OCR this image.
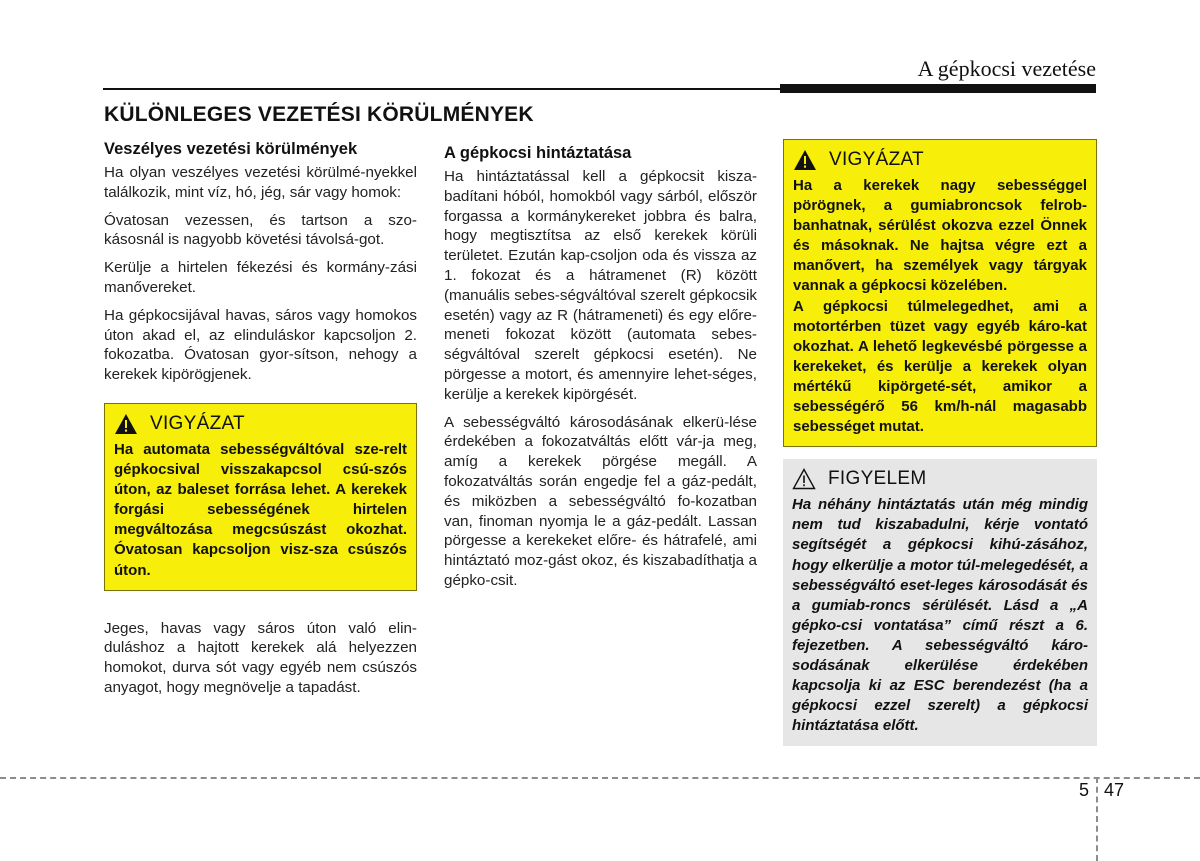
A gépkocsi vezetése
KÜLÖNLEGES VEZETÉSI KÖRÜLMÉNYEK
Veszélyes vezetési körülmények

Ha olyan veszélyes vezetési körülmé-nyekkel találkozik, mint víz, hó, jég, sár vagy homok:

Óvatosan vezessen, és tartson a szo-kásosnál is nagyobb követési távolsá-got.

Kerülje a hirtelen fékezési és kormány-zási manővereket.

Ha gépkocsijával havas, sáros vagy homokos úton akad el, az elinduláskor kapcsoljon 2. fokozatba. Óvatosan gyor-sítson, nehogy a kerekek kipörögjenek.

VIGYÁZAT

Ha automata sebességváltóval sze-relt gépkocsival visszakapcsol csú-szós úton, az baleset forrása lehet. A kerekek forgási sebességének hirtelen megváltozása megcsúszást okozhat. Óvatosan kapcsoljon visz-sza csúszós úton.

Jeges, havas vagy sáros úton való elin-duláshoz a hajtott kerekek alá helyezzen homokot, durva sót vagy egyéb nem csúszós anyagot, hogy megnövelje a tapadást.

A gépkocsi hintáztatása

Ha hintáztatással kell a gépkocsit kisza-badítani hóból, homokból vagy sárból, először forgassa a kormánykereket jobbra és balra, hogy megtisztítsa az első kerekek körüli területet. Ezután kap-csoljon oda és vissza az 1. fokozat és a hátramenet (R) között (manuális sebes-ségváltóval szerelt gépkocsik esetén) vagy az R (hátrameneti) és egy előre-meneti fokozat között (automata sebes-ségváltóval szerelt gépkocsi esetén). Ne pörgesse a motort, és amennyire lehet-séges, kerülje a kerekek kipörgését.

A sebességváltó károsodásának elkerü-lése érdekében a fokozatváltás előtt vár-ja meg, amíg a kerekek pörgése megáll. A fokozatváltás során engedje fel a gáz-pedált, és miközben a sebességváltó fo-kozatban van, finoman nyomja le a gáz-pedált. Lassan pörgesse a kerekeket előre- és hátrafelé, ami hintáztató moz-gást okoz, és kiszabadíthatja a gépko-csit.

VIGYÁZAT

Ha a kerekek nagy sebességgel pörögnek, a gumiabroncsok felrob-banhatnak, sérülést okozva ezzel Önnek és másoknak. Ne hajtsa végre ezt a manővert, ha személyek vagy tárgyak vannak a gépkocsi közelében.

A gépkocsi túlmelegedhet, ami a motortérben tüzet vagy egyéb káro-kat okozhat. A lehető legkevésbé pörgesse a kerekeket, és kerülje a kerekek olyan mértékű kipörgeté-sét, amikor a sebességérő 56 km/h-nál magasabb sebességet mutat.

FIGYELEM

Ha néhány hintáztatás után még mindig nem tud kiszabadulni, kérje vontató segítségét a gépkocsi kihú-zásához, hogy elkerülje a motor túl-melegedését, a sebességváltó eset-leges károsodását és a gumiab-roncs sérülését. Lásd a „A gépko-csi vontatása” című részt a 6. fejezetben. A sebességváltó káro-sodásának elkerülése érdekében kapcsolja ki az ESC berendezést (ha a gépkocsi ezzel szerelt) a gépkocsi hintáztatása előtt.

5 47
